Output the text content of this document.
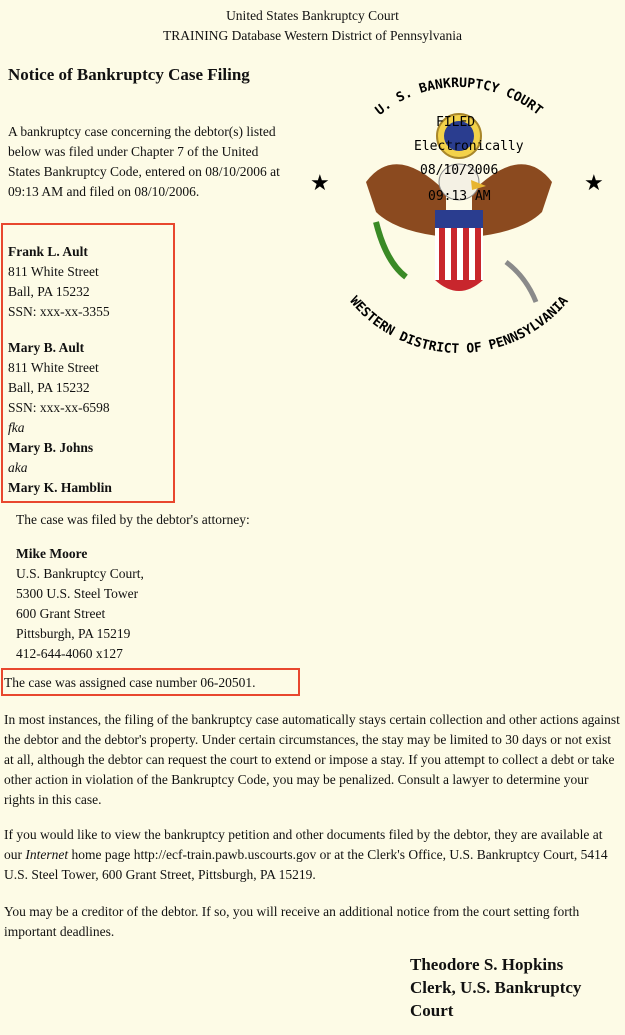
United States Bankruptcy Court
TRAINING Database Western District of Pennsylvania
Notice of Bankruptcy Case Filing
A bankruptcy case concerning the debtor(s) listed below was filed under Chapter 7 of the United States Bankruptcy Code, entered on 08/10/2006 at 09:13 AM and filed on 08/10/2006.
U. S. BANKRUPTCY COURT
WESTERN DISTRICT OF PENNSYLVANIA
★	★
FILED
Electronically
08/10/2006
09:13 AM
Frank L. Ault
811 White Street
Ball, PA 15232
SSN: xxx-xx-3355
Mary B. Ault
811 White Street
Ball, PA 15232
SSN: xxx-xx-6598
fka
Mary B. Johns
aka
Mary K. Hamblin
The case was filed by the debtor's attorney:
Mike Moore
U.S. Bankruptcy Court,
5300 U.S. Steel Tower
600 Grant Street
Pittsburgh, PA 15219
412-644-4060 x127
The case was assigned case number 06-20501.
In most instances, the filing of the bankruptcy case automatically stays certain collection and other actions against the debtor and the debtor's property. Under certain circumstances, the stay may be limited to 30 days or not exist at all, although the debtor can request the court to extend or impose a stay. If you attempt to collect a debt or take other action in violation of the Bankruptcy Code, you may be penalized. Consult a lawyer to determine your rights in this case.
If you would like to view the bankruptcy petition and other documents filed by the debtor, they are available at our Internet home page http://ecf-train.pawb.uscourts.gov or at the Clerk's Office, U.S. Bankruptcy Court, 5414 U.S. Steel Tower, 600 Grant Street, Pittsburgh, PA 15219.
You may be a creditor of the debtor. If so, you will receive an additional notice from the court setting forth important deadlines.
Theodore S. Hopkins
Clerk, U.S. Bankruptcy
Court
